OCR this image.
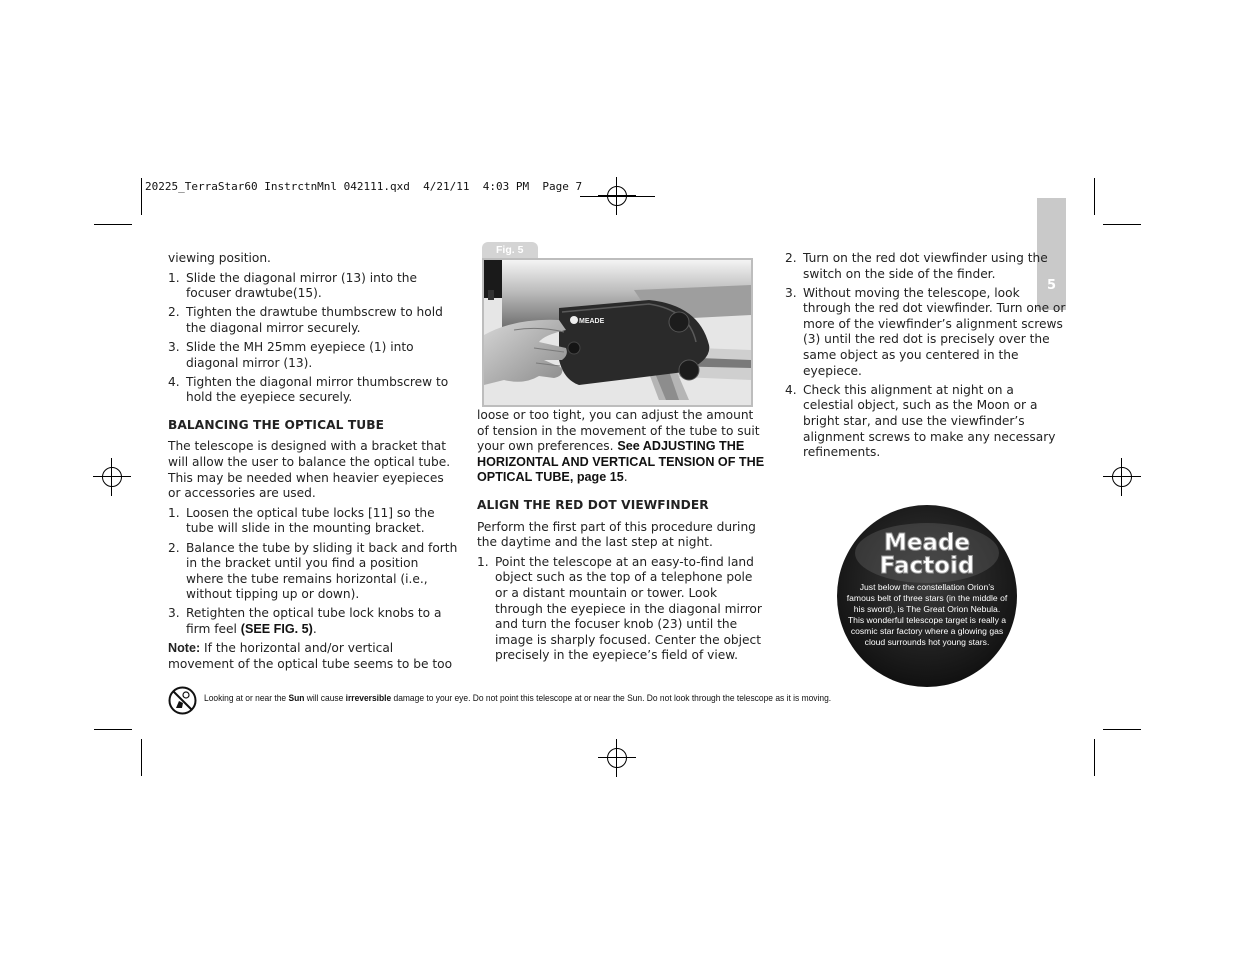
20225_TerraStar60 InstrctnMnl 042111.qxd  4/21/11  4:03 PM  Page 7
5

viewing position.

1. Slide the diagonal mirror (13) into the focuser drawtube(15).
2. Tighten the drawtube thumbscrew to hold the diagonal mirror securely.
3. Slide the MH 25mm eyepiece (1) into diagonal mirror (13).
4. Tighten the diagonal mirror thumbscrew to hold the eyepiece securely.
BALANCING THE OPTICAL TUBE

The telescope is designed with a bracket that will allow the user to balance the optical tube. This may be needed when heavier eyepieces or accessories are used.

1. Loosen the optical tube locks [11] so the tube will slide in the mounting bracket.
2. Balance the tube by sliding it back and forth in the bracket until you find a position where the tube remains horizontal (i.e., without tipping up or down).
3. Retighten the optical tube lock knobs to a firm feel (SEE FIG. 5).

Note: If the horizontal and/or vertical movement of the optical tube seems to be too

Fig. 5
MEADE

loose or too tight, you can adjust the amount of tension in the movement of the tube to suit your own preferences. See ADJUSTING THE HORIZONTAL AND VERTICAL TENSION OF THE OPTICAL TUBE, page 15.

ALIGN THE RED DOT VIEWFINDER

Perform the first part of this procedure during the daytime and the last step at night.

1. Point the telescope at an easy-to-find land object such as the top of a telephone pole or a distant mountain or tower. Look through the eyepiece in the diagonal mirror and turn the focuser knob (23) until the image is sharply focused. Center the object precisely in the eyepiece’s field of view.
2. Turn on the red dot viewfinder using the switch on the side of the finder.
3. Without moving the telescope, look through the red dot viewfinder. Turn one or more of the viewfinder’s alignment screws (3) until the red dot is precisely over the same object as you centered in the eyepiece.
4. Check this alignment at night on a celestial object, such as the Moon or a bright star, and use the viewfinder’s alignment screws to make any necessary refinements.
Meade
Factoid
Just below the constellation Orion’s famous belt of three stars (in the middle of his sword), is The Great Orion Nebula. This wonderful telescope target is really a cosmic star factory where a glowing gas cloud surrounds hot young stars.
Looking at or near the Sun will cause irreversible damage to your eye. Do not point this telescope at or near the Sun. Do not look through the telescope as it is moving.
